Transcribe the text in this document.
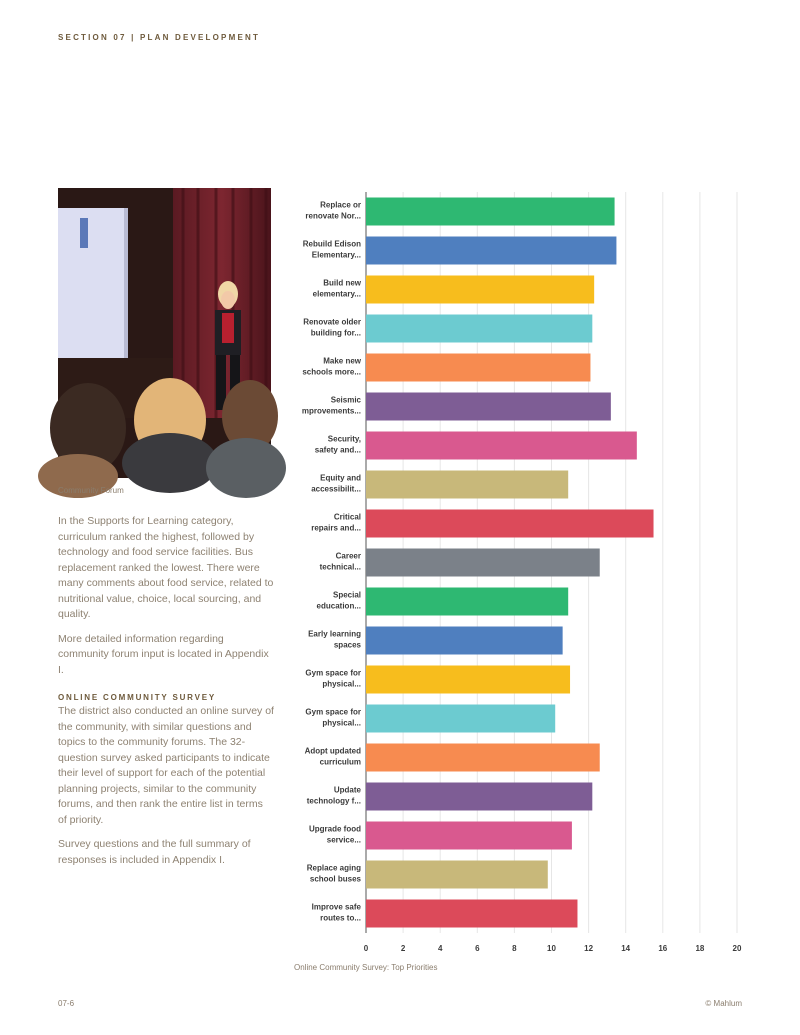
SECTION 07 | PLAN DEVELOPMENT
Community Forum

In the Supports for Learning category, curriculum ranked the highest, followed by technology and food service facilities. Bus replacement ranked the lowest. There were many comments about food service, related to nutritional value, choice, local sourcing, and quality.

More detailed information regarding community forum input is located in Appendix I.

ONLINE COMMUNITY SURVEY

The district also conducted an online survey of the community, with similar questions and topics to the community forums. The 32-question survey asked participants to indicate their level of support for each of the potential planning projects, similar to the community forums, and then rank the entire list in terms of priority.

Survey questions and the full summary of responses is included in Appendix I.

0	2	4	6	8	10	12	14	16	18	20
Replace or
renovate Nor...
Rebuild Edison
Elementary...
Build new
elementary...
Renovate older
building for...
Make new
schools more...
Seismic
mprovements...
Security,
safety and...
Equity and
accessibilit...
Critical
repairs and...
Career
technical...
Special
education...
Early learning
spaces
Gym space for
physical...
Gym space for
physical...
Adopt updated
curriculum
Update
technology f...
Upgrade food
service...
Replace aging
school buses
Improve safe
routes to...
Online Community Survey: Top Priorities
07-6	© Mahlum
